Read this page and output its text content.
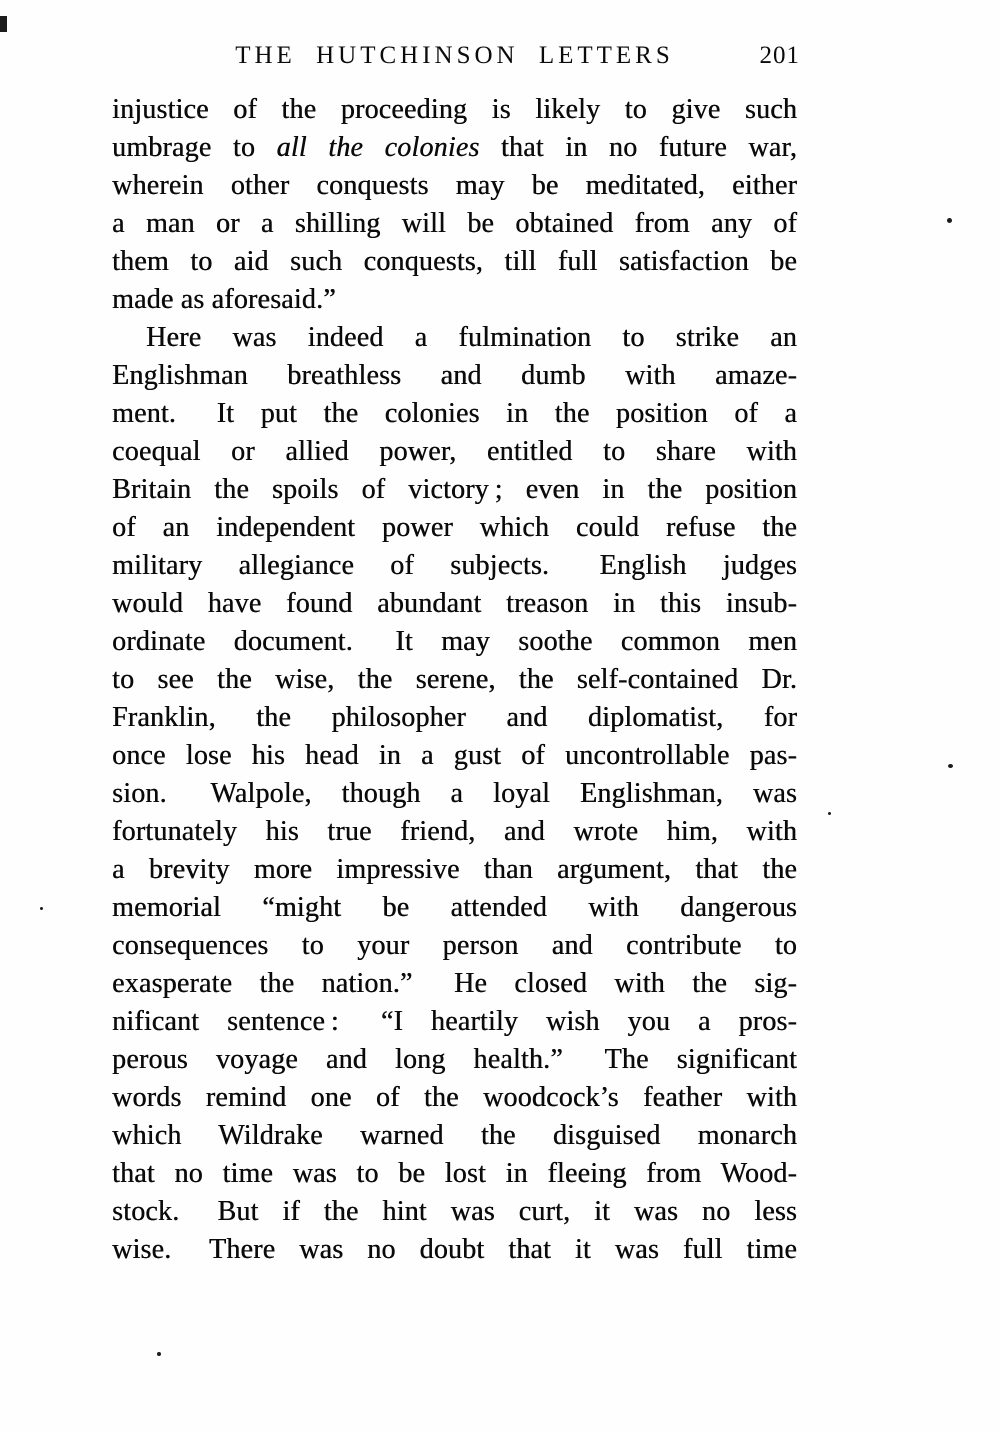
THE HUTCHINSON LETTERS	201
injustice of the proceeding is likely to give such
umbrage to all the colonies that in no future war,
wherein other conquests may be meditated, either
a man or a shilling will be obtained from any of
them to aid such conquests, till full satisfaction be
made as aforesaid.”
Here was indeed a fulmination to strike an
Englishman breathless and dumb with amaze-
ment.  It put the colonies in the position of a
coequal or allied power, entitled to share with
Britain the spoils of victory ; even in the position
of an independent power which could refuse the
military allegiance of subjects.  English judges
would have found abundant treason in this insub-
ordinate document.  It may soothe common men
to see the wise, the serene, the self-contained Dr.
Franklin, the philosopher and diplomatist, for
once lose his head in a gust of uncontrollable pas-
sion.  Walpole, though a loyal Englishman, was
fortunately his true friend, and wrote him, with
a brevity more impressive than argument, that the
memorial “might be attended with dangerous
consequences to your person and contribute to
exasperate the nation.”  He closed with the sig-
nificant sentence :  “I heartily wish you a pros-
perous voyage and long health.”  The significant
words remind one of the woodcock’s feather with
which Wildrake warned the disguised monarch
that no time was to be lost in fleeing from Wood-
stock.  But if the hint was curt, it was no less
wise.  There was no doubt that it was full time
